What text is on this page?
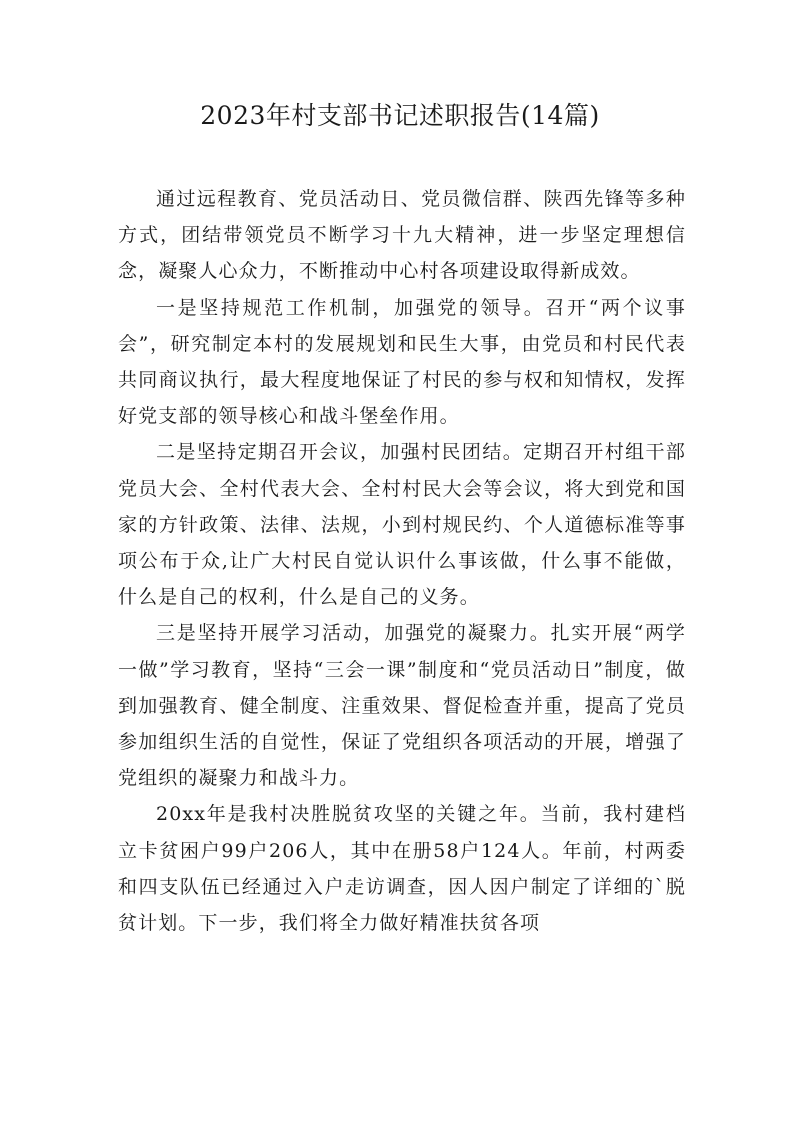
2023年村支部书记述职报告(14篇)

通过远程教育、党员活动日、党员微信群、陕西先锋等多种方式，团结带领党员不断学习十九大精神，进一步坚定理想信念，凝聚人心众力，不断推动中心村各项建设取得新成效。

一是坚持规范工作机制，加强党的领导。召开“两个议事会”，研究制定本村的发展规划和民生大事，由党员和村民代表共同商议执行，最大程度地保证了村民的参与权和知情权，发挥好党支部的领导核心和战斗堡垒作用。

二是坚持定期召开会议，加强村民团结。定期召开村组干部党员大会、全村代表大会、全村村民大会等会议，将大到党和国家的方针政策、法律、法规，小到村规民约、个人道德标准等事项公布于众,让广大村民自觉认识什么事该做，什么事不能做，什么是自己的权利，什么是自己的义务。

三是坚持开展学习活动，加强党的凝聚力。扎实开展“两学一做”学习教育，坚持“三会一课”制度和“党员活动日”制度，做到加强教育、健全制度、注重效果、督促检查并重，提高了党员参加组织生活的自觉性，保证了党组织各项活动的开展，增强了党组织的凝聚力和战斗力。

20xx年是我村决胜脱贫攻坚的关键之年。当前，我村建档立卡贫困户99户206人，其中在册58户124人。年前，村两委和四支队伍已经通过入户走访调查，因人因户制定了详细的`脱贫计划。下一步，我们将全力做好精准扶贫各项
